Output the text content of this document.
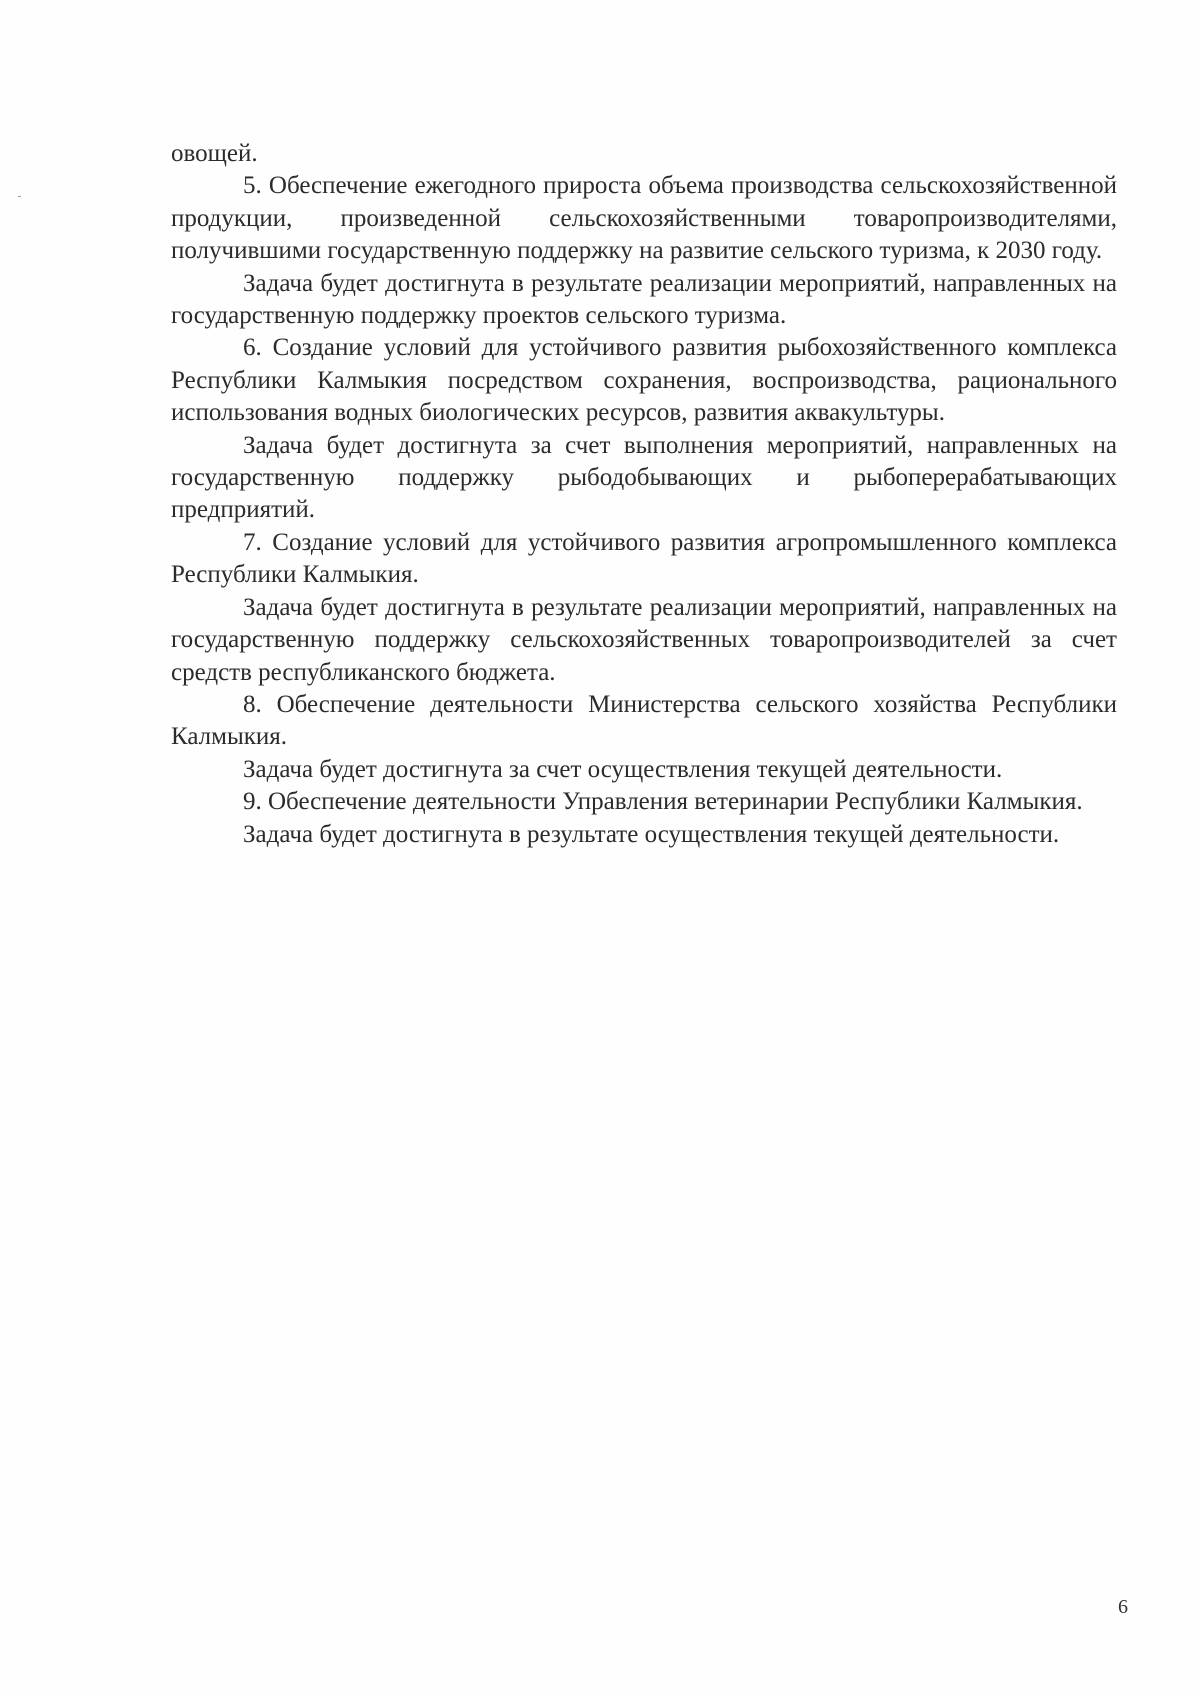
овощей.

5. Обеспечение ежегодного прироста объема производства сельскохозяйственной продукции, произведенной сельскохозяйственными товаропроизводителями, получившими государственную поддержку на развитие сельского туризма, к 2030 году.

Задача будет достигнута в результате реализации мероприятий, направленных на государственную поддержку проектов сельского туризма.

6. Создание условий для устойчивого развития рыбохозяйственного комплекса Республики Калмыкия посредством сохранения, воспроизводства, рационального использования водных биологических ресурсов, развития аквакультуры.

Задача будет достигнута за счет выполнения мероприятий, направленных на государственную поддержку рыбодобывающих и рыбоперерабатывающих предприятий.

7. Создание условий для устойчивого развития агропромышленного комплекса Республики Калмыкия.

Задача будет достигнута в результате реализации мероприятий, направленных на государственную поддержку сельскохозяйственных товаропроизводителей за счет средств республиканского бюджета.

8. Обеспечение деятельности Министерства сельского хозяйства Республики Калмыкия.

Задача будет достигнута за счет осуществления текущей деятельности.

9. Обеспечение деятельности Управления ветеринарии Республики Калмыкия.

Задача будет достигнута в результате осуществления текущей деятельности.

6
